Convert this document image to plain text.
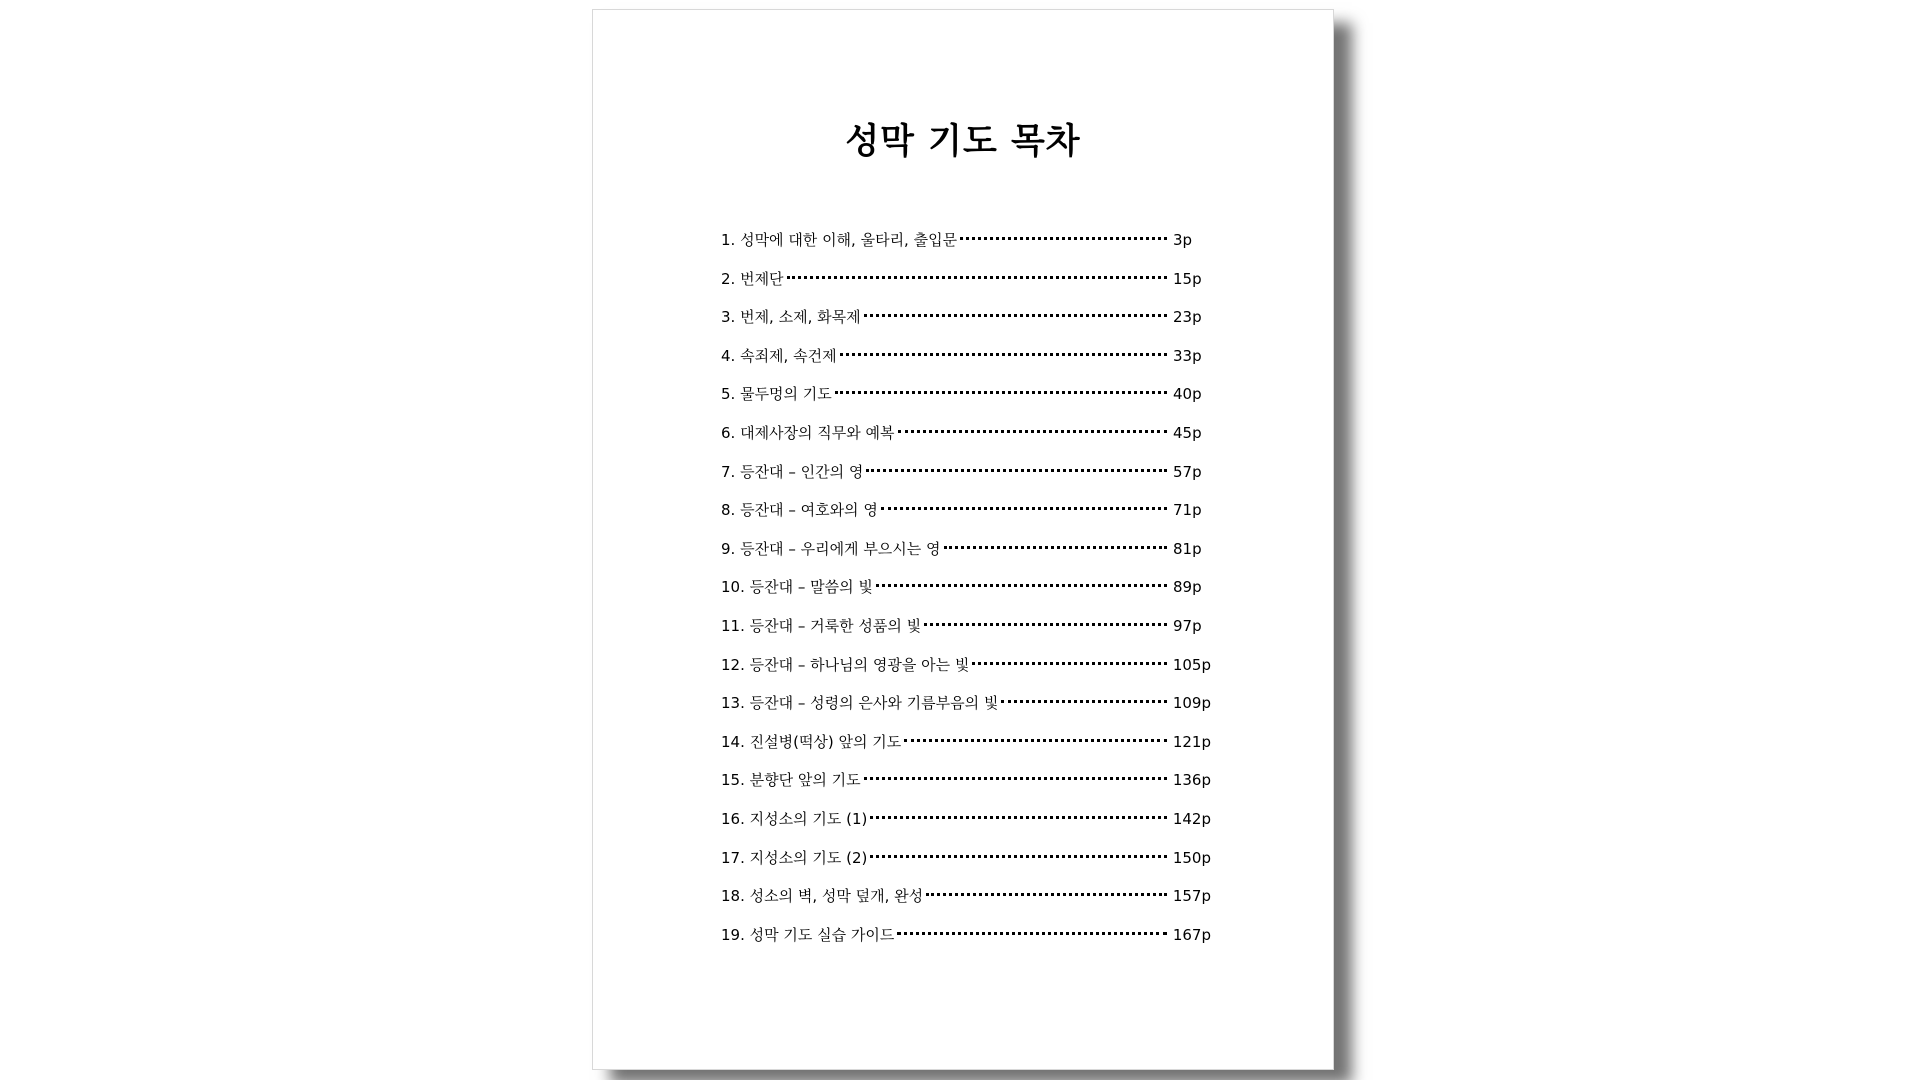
성막 기도 목차
1. 성막에 대한 이해, 울타리, 출입문	3p
2. 번제단	15p
3. 번제, 소제, 화목제	23p
4. 속죄제, 속건제	33p
5. 물두멍의 기도	40p
6. 대제사장의 직무와 예복	45p
7. 등잔대 – 인간의 영	57p
8. 등잔대 – 여호와의 영	71p
9. 등잔대 – 우리에게 부으시는 영	81p
10. 등잔대 – 말씀의 빛	89p
11. 등잔대 – 거룩한 성품의 빛	97p
12. 등잔대 – 하나님의 영광을 아는 빛	105p
13. 등잔대 – 성령의 은사와 기름부음의 빛	109p
14. 진설병(떡상) 앞의 기도	121p
15. 분향단 앞의 기도	136p
16. 지성소의 기도 (1)	142p
17. 지성소의 기도 (2)	150p
18. 성소의 벽, 성막 덮개, 완성	157p
19. 성막 기도 실습 가이드	167p
